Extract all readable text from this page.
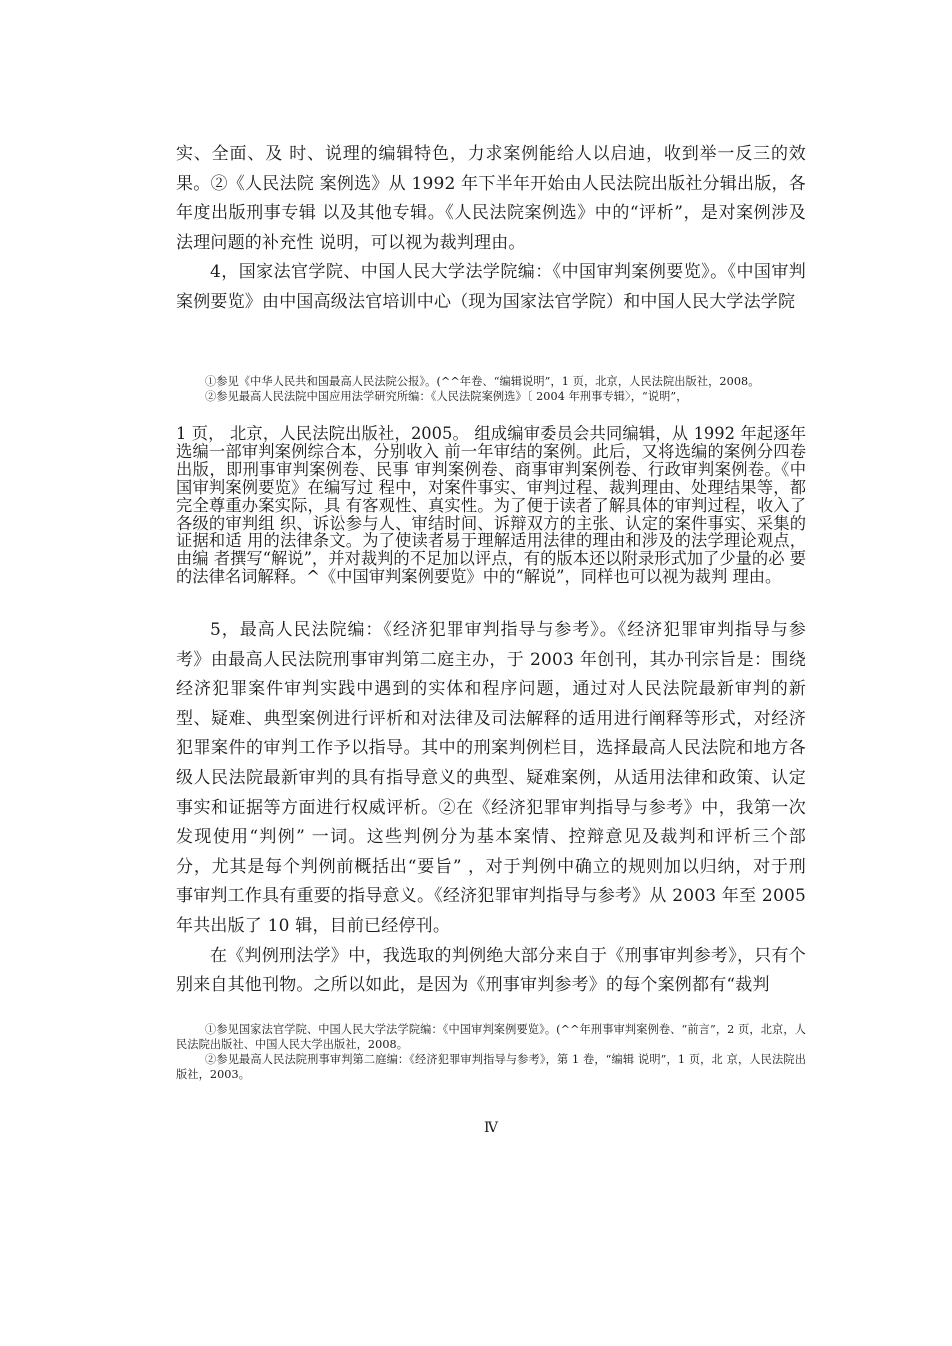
实、全面、及 时、说理的编辑特色，力求案例能给人以启迪，收到举一反三的效果。②《人民法院 案例选》从 1992 年下半年开始由人民法院出版社分辑出版，各年度出版刑事专辑 以及其他专辑。《人民法院案例选》中的“评析”，是对案例涉及法理问题的补充性 说明，可以视为裁判理由。

4，国家法官学院、中国人民大学法学院编：《中国审判案例要览》。《中国审判 案例要览》由中国高级法官培训中心（现为国家法官学院）和中国人民大学法学院

①参见《中华人民共和国最高人民法院公报》。(^^年卷、“编辑说明”，1 页，北京，人民法院出版社，2008。

②参见最高人民法院中国应用法学研究所编：《人民法院案例选》〔 2004 年刑事专辑〉，“说明”，

1 页， 北京，人民法院出版社，2005。 组成编审委员会共同编辑，从 1992 年起逐年选编一部审判案例综合本，分别收入 前一年审结的案例。此后，又将选编的案例分四卷出版，即刑事审判案例卷、民事 审判案例卷、商事审判案例卷、行政审判案例卷。《中国审判案例要览》在编写过 程中，对案件事实、审判过程、裁判理由、处理结果等，都完全尊重办案实际，具 有客观性、真实性。为了便于读者了解具体的审判过程，收入了各级的审判组 织、诉讼参与人、审结时间、诉辩双方的主张、认定的案件事实、采集的证据和适 用的法律条文。为了使读者易于理解适用法律的理由和涉及的法学理论观点，由编 者撰写“解说”，并对裁判的不足加以评点，有的版本还以附录形式加了少量的必 要的法律名词解释。^《中国审判案例要览》中的“解说”，同样也可以视为裁判 理由。

5，最高人民法院编：《经济犯罪审判指导与参考》。《经济犯罪审判指导与参考》由最高人民法院刑事审判第二庭主办，于 2003 年创刊，其办刊宗旨是：围绕 经济犯罪案件审判实践中遇到的实体和程序问题，通过对人民法院最新审判的新 型、疑难、典型案例进行评析和对法律及司法解释的适用进行阐释等形式，对经济 犯罪案件的审判工作予以指导。其中的刑案判例栏目，选择最高人民法院和地方各 级人民法院最新审判的具有指导意义的典型、疑难案例，从适用法律和政策、认定 事实和证据等方面进行权威评析。②在《经济犯罪审判指导与参考》中，我第一次 发现使用“判例” 一词。这些判例分为基本案情、控辩意见及裁判和评析三个部 分，尤其是每个判例前概括出“要旨” ，对于判例中确立的规则加以归纳，对于刑 事审判工作具有重要的指导意义。《经济犯罪审判指导与参考》从 2003 年至 2005 年共出版了 10 辑，目前已经停刊。

在《判例刑法学》中，我选取的判例绝大部分来自于《刑事审判参考》，只有个别来自其他刊物。之所以如此，是因为《刑事审判参考》的每个案例都有“裁判

①参见国家法官学院、中国人民大学法学院编：《中国审判案例要览》。(^^年刑事审判案例卷、“前言”，2 页，北京，人民法院出版社、中国人民大学出版社，2008。

②参见最高人民法院刑事审判第二庭编：《经济犯罪审判指导与参考》，第 1 卷，“编辑 说明”，1 页，北 京，人民法院出版社，2003。

Ⅳ
